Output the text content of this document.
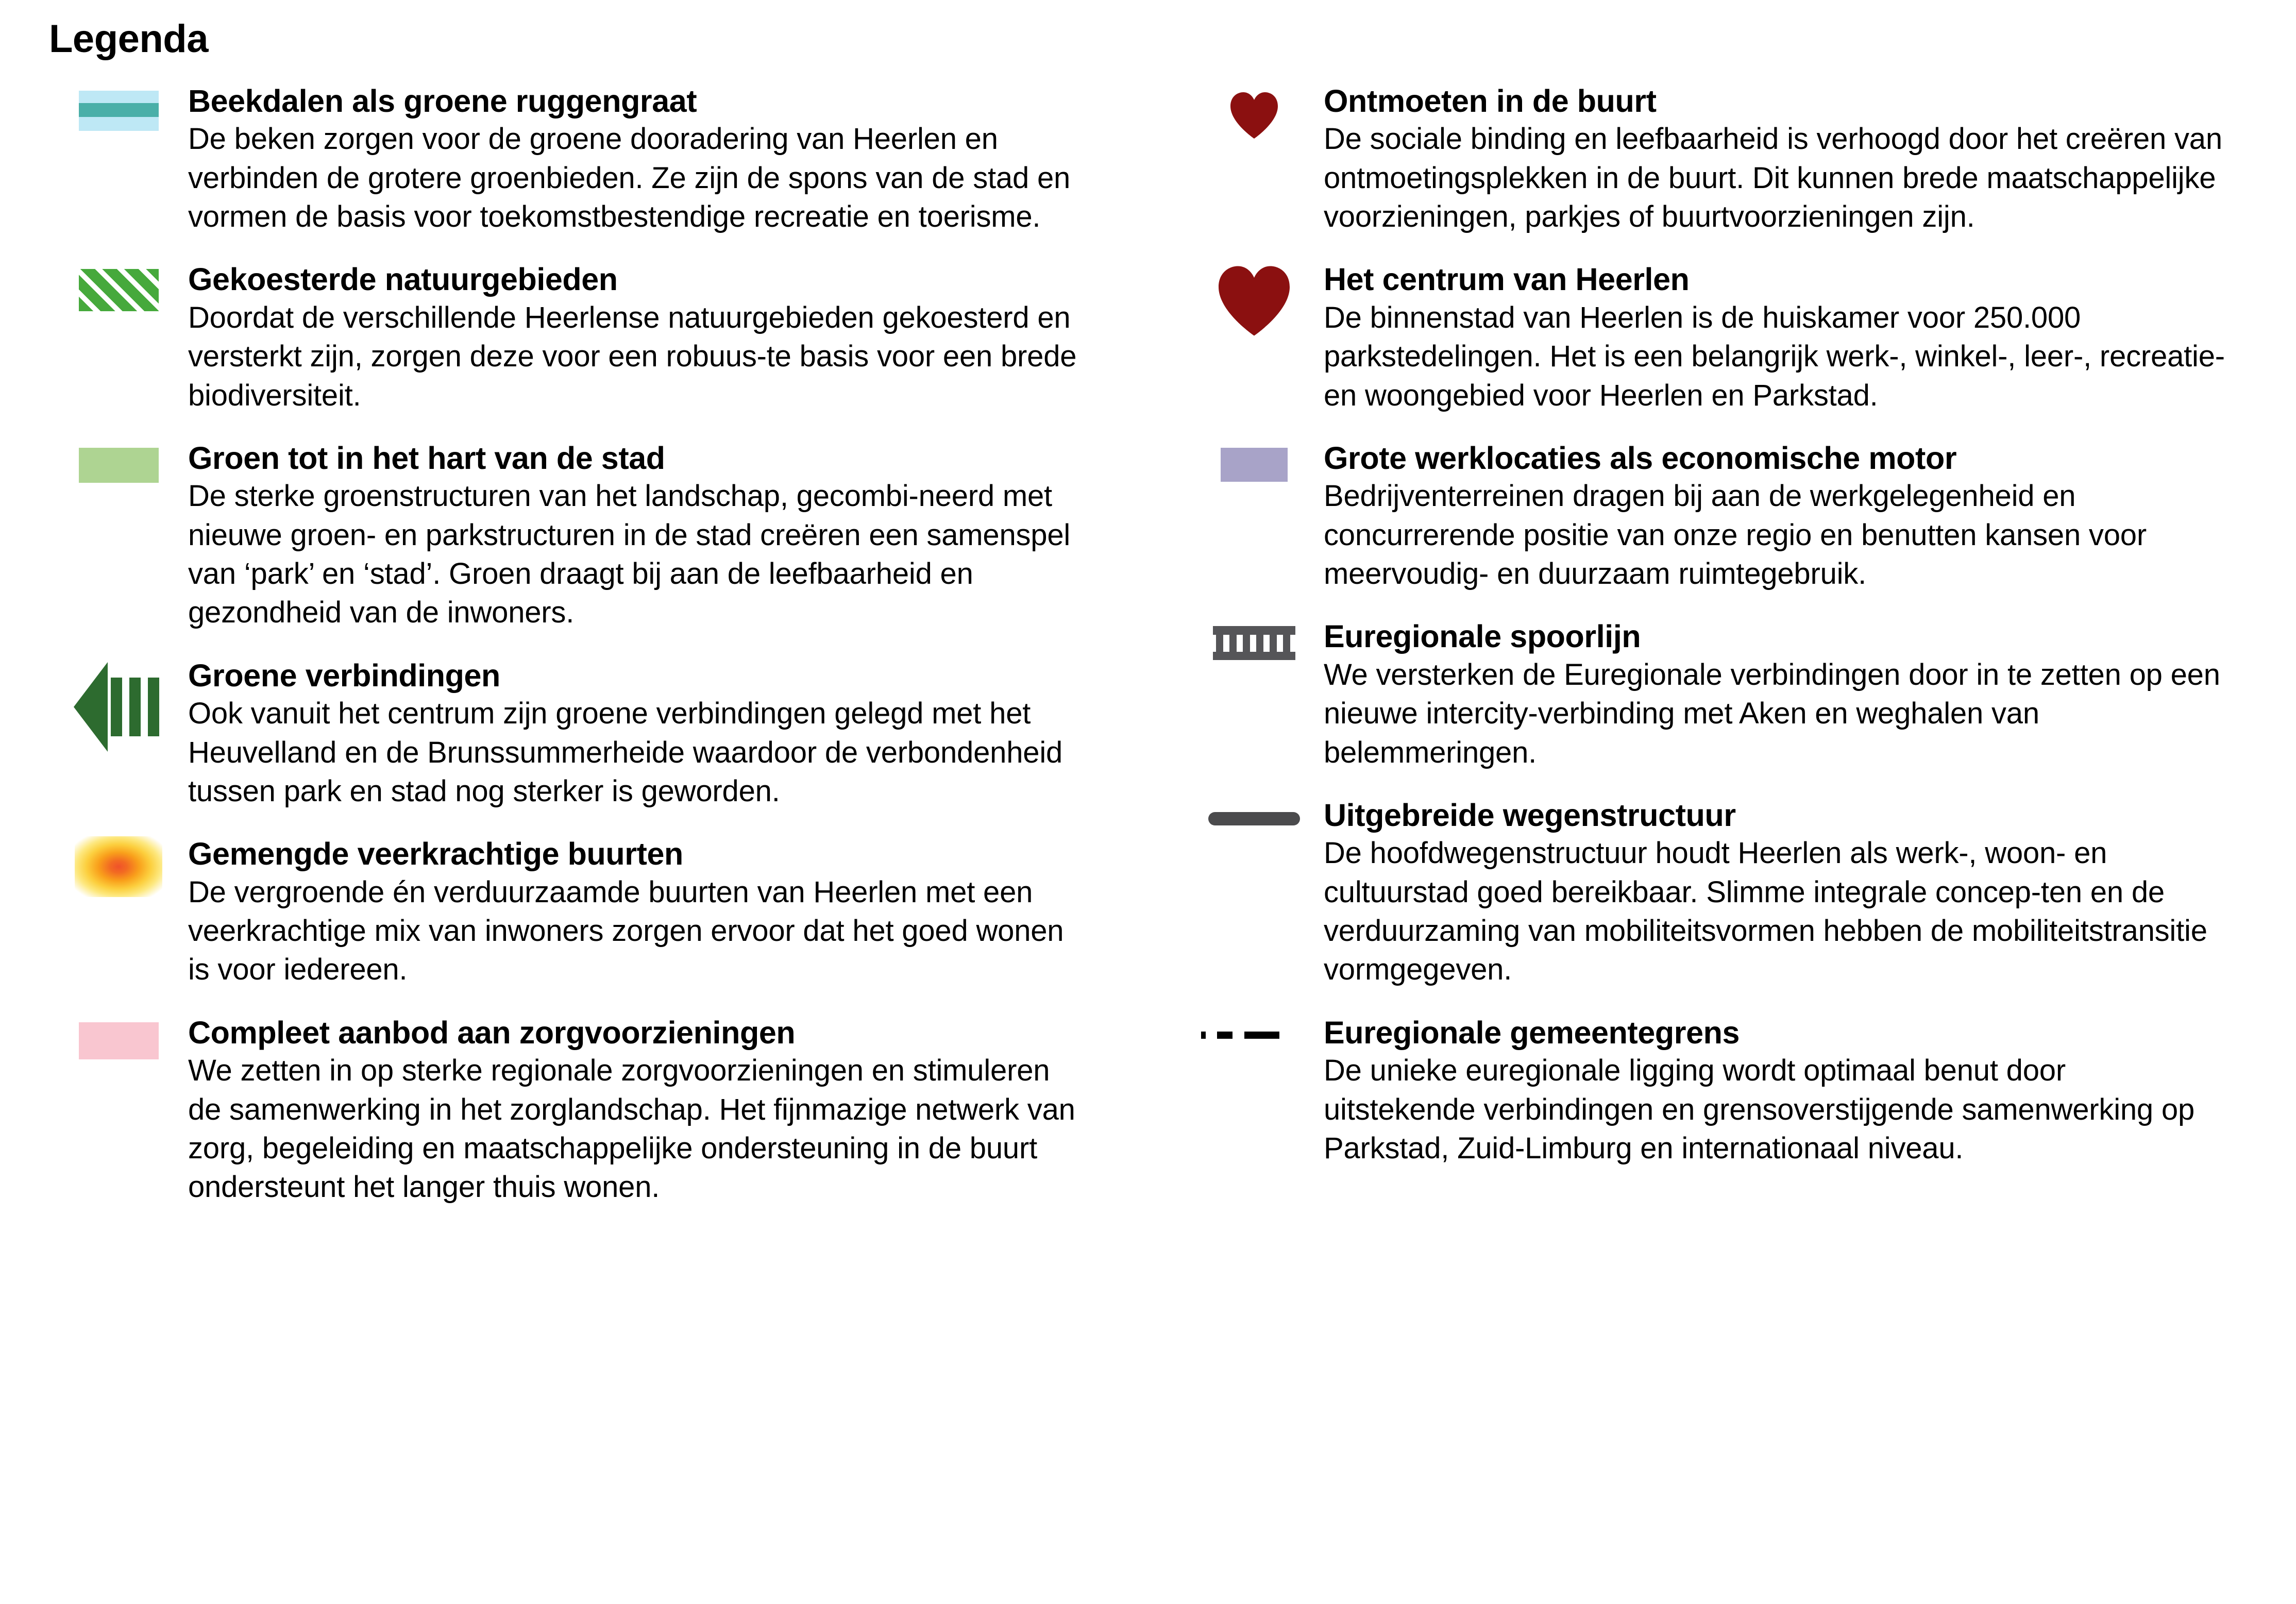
Legenda

Beekdalen als groene ruggengraat

De beken zorgen voor de groene dooradering van Heerlen en verbinden de grotere groenbieden. Ze zijn de spons van de stad en vormen de basis voor toekomstbestendige recreatie en toerisme.

Gekoesterde natuurgebieden

Doordat de verschillende Heerlense natuurgebieden gekoesterd en versterkt zijn, zorgen deze voor een robuus-te basis voor een brede biodiversiteit.

Groen tot in het hart van de stad

De sterke groenstructuren van het landschap, gecombi-neerd met nieuwe groen- en parkstructuren in de stad creëren een samenspel van ‘park’ en ‘stad’. Groen draagt bij aan de leefbaarheid en gezondheid van de inwoners.

Groene verbindingen

Ook vanuit het centrum zijn groene verbindingen gelegd met het Heuvelland en de Brunssummerheide waardoor de verbondenheid tussen park en stad nog sterker is geworden.

Gemengde veerkrachtige buurten

De vergroende én verduurzaamde buurten van Heerlen met een veerkrachtige mix van inwoners zorgen ervoor dat het goed wonen is voor iedereen.

Compleet aanbod aan zorgvoorzieningen

We zetten in op sterke regionale zorgvoorzieningen en stimuleren de samenwerking in het zorglandschap. Het fijnmazige netwerk van zorg, begeleiding en maatschappelijke ondersteuning in de buurt ondersteunt het langer thuis wonen.

Ontmoeten in de buurt

De sociale binding en leefbaarheid is verhoogd door het creëren van ontmoetingsplekken in de buurt. Dit kunnen brede maatschappelijke voorzieningen, parkjes of buurtvoorzieningen zijn.

Het centrum van Heerlen

De binnenstad van Heerlen is de huiskamer voor 250.000 parkstedelingen. Het is een belangrijk werk-, winkel-, leer-, recreatie- en woongebied voor Heerlen en Parkstad.

Grote werklocaties als economische motor

Bedrijventerreinen dragen bij aan de werkgelegenheid en concurrerende positie van onze regio en benutten kansen voor meervoudig- en duurzaam ruimtegebruik.

Euregionale spoorlijn

We versterken de Euregionale verbindingen door in te zetten op een nieuwe intercity-verbinding met Aken en weghalen van belemmeringen.

Uitgebreide wegenstructuur

De hoofdwegenstructuur houdt Heerlen als werk-, woon- en cultuurstad goed bereikbaar. Slimme integrale concep-ten en de verduurzaming van mobiliteitsvormen hebben de mobiliteitstransitie vormgegeven.

Euregionale gemeentegrens

De unieke euregionale ligging wordt optimaal benut door uitstekende verbindingen en grensoverstijgende samenwerking op Parkstad, Zuid-Limburg en internationaal niveau.
